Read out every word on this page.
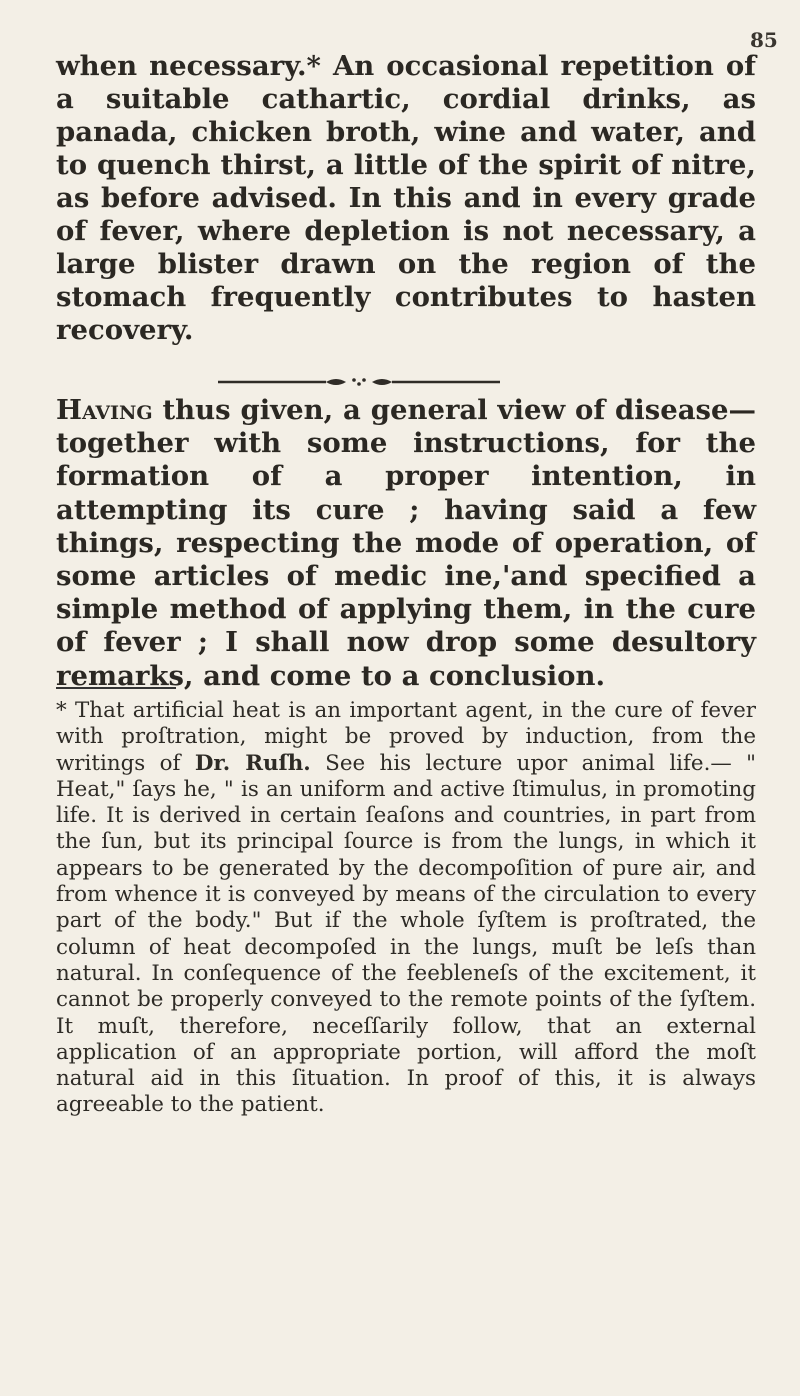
85

when necessary.* An occasional repetition of a suitable cathartic, cordial drinks, as panada, chicken broth, wine and water, and to quench thirst, a little of the spirit of nitre, as before advised. In this and in every grade of fever, where depletion is not necessary, a large blister drawn on the region of the stomach frequently contributes to hasten recovery.

Having thus given, a general view of disease—together with some instructions, for the formation of a proper intention, in attempting its cure ; having said a few things, respecting the mode of operation, of some articles of medic ine,'and specified a simple method of applying them, in the cure of fever ; I shall now drop some desultory remarks, and come to a conclusion.

* That artificial heat is an important agent, in the cure of fever with proſtration, might be proved by induction, from the writings of Dr. Ruſh. See his lecture upor animal life.— " Heat," ſays he, " is an uniform and active ſtimulus, in promoting life. It is derived in certain ſeaſons and countries, in part from the ſun, but its principal ſource is from the lungs, in which it appears to be generated by the decompoſition of pure air, and from whence it is conveyed by means of the circulation to every part of the body." But if the whole ſyſtem is proſtrated, the column of heat decompoſed in the lungs, muſt be leſs than natural. In conſequence of the feebleneſs of the excitement, it cannot be properly conveyed to the remote points of the ſyſtem. It muſt, therefore, neceſſarily follow, that an external application of an appropriate portion, will afford the moſt natural aid in this ſituation. In proof of this, it is always agreeable to the patient.
